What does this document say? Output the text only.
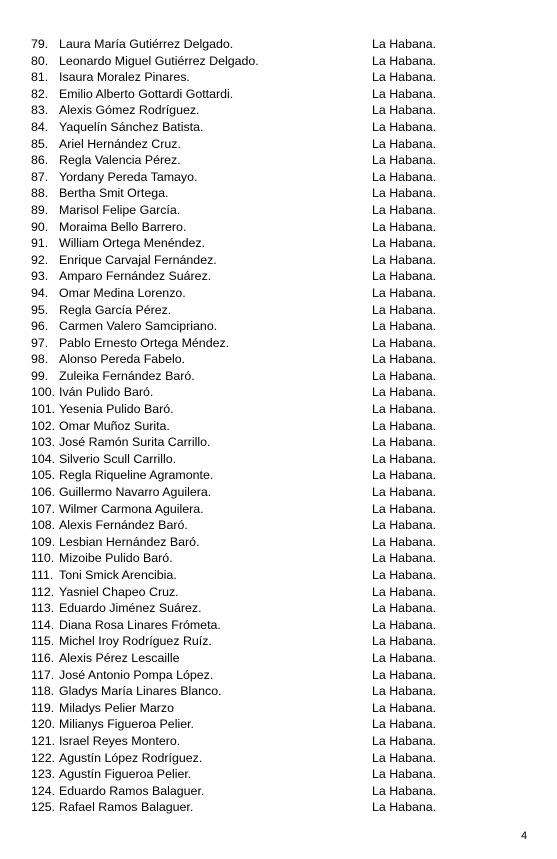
79. Laura María Gutiérrez Delgado.	La Habana.
80. Leonardo Miguel Gutiérrez Delgado.	La Habana.
81. Isaura Moralez Pinares.	La Habana.
82. Emilio Alberto Gottardi Gottardi.	La Habana.
83. Alexis Gómez Rodríguez.	La Habana.
84. Yaquelín Sánchez Batista.	La Habana.
85. Ariel Hernández Cruz.	La Habana.
86. Regla Valencia Pérez.	La Habana.
87. Yordany Pereda Tamayo.	La Habana.
88. Bertha Smit Ortega.	La Habana.
89. Marisol Felipe García.	La Habana.
90. Moraima Bello Barrero.	La Habana.
91. William Ortega Menéndez.	La Habana.
92. Enrique Carvajal Fernández.	La Habana.
93. Amparo Fernández Suárez.	La Habana.
94. Omar Medina Lorenzo.	La Habana.
95. Regla García Pérez.	La Habana.
96. Carmen Valero Samcipriano.	La Habana.
97. Pablo Ernesto Ortega Méndez.	La Habana.
98. Alonso Pereda Fabelo.	La Habana.
99. Zuleika Fernández Baró.	La Habana.
100. Iván Pulido Baró.	La Habana.
101. Yesenia Pulido Baró.	La Habana.
102. Omar Muñoz Surita.	La Habana.
103. José Ramón Surita Carrillo.	La Habana.
104. Silverio Scull Carrillo.	La Habana.
105. Regla Riqueline Agramonte.	La Habana.
106. Guillermo Navarro Aguilera.	La Habana.
107. Wilmer Carmona Aguilera.	La Habana.
108. Alexis Fernández Baró.	La Habana.
109. Lesbian Hernández Baró.	La Habana.
110. Mizoibe Pulido Baró.	La Habana.
111. Toni Smick Arencibia.	La Habana.
112. Yasniel Chapeo Cruz.	La Habana.
113. Eduardo Jiménez Suárez.	La Habana.
114. Diana Rosa Linares Frómeta.	La Habana.
115. Michel Iroy Rodríguez Ruíz.	La Habana.
116. Alexis Pérez Lescaille	La Habana.
117. José Antonio Pompa López.	La Habana.
118. Gladys María Linares Blanco.	La Habana.
119. Miladys Pelier Marzo	La Habana.
120. Milianys Figueroa Pelier.	La Habana.
121. Israel Reyes Montero.	La Habana.
122. Agustín López Rodríguez.	La Habana.
123. Agustín Figueroa Pelier.	La Habana.
124. Eduardo Ramos Balaguer.	La Habana.
125. Rafael Ramos Balaguer.	La Habana.
4
